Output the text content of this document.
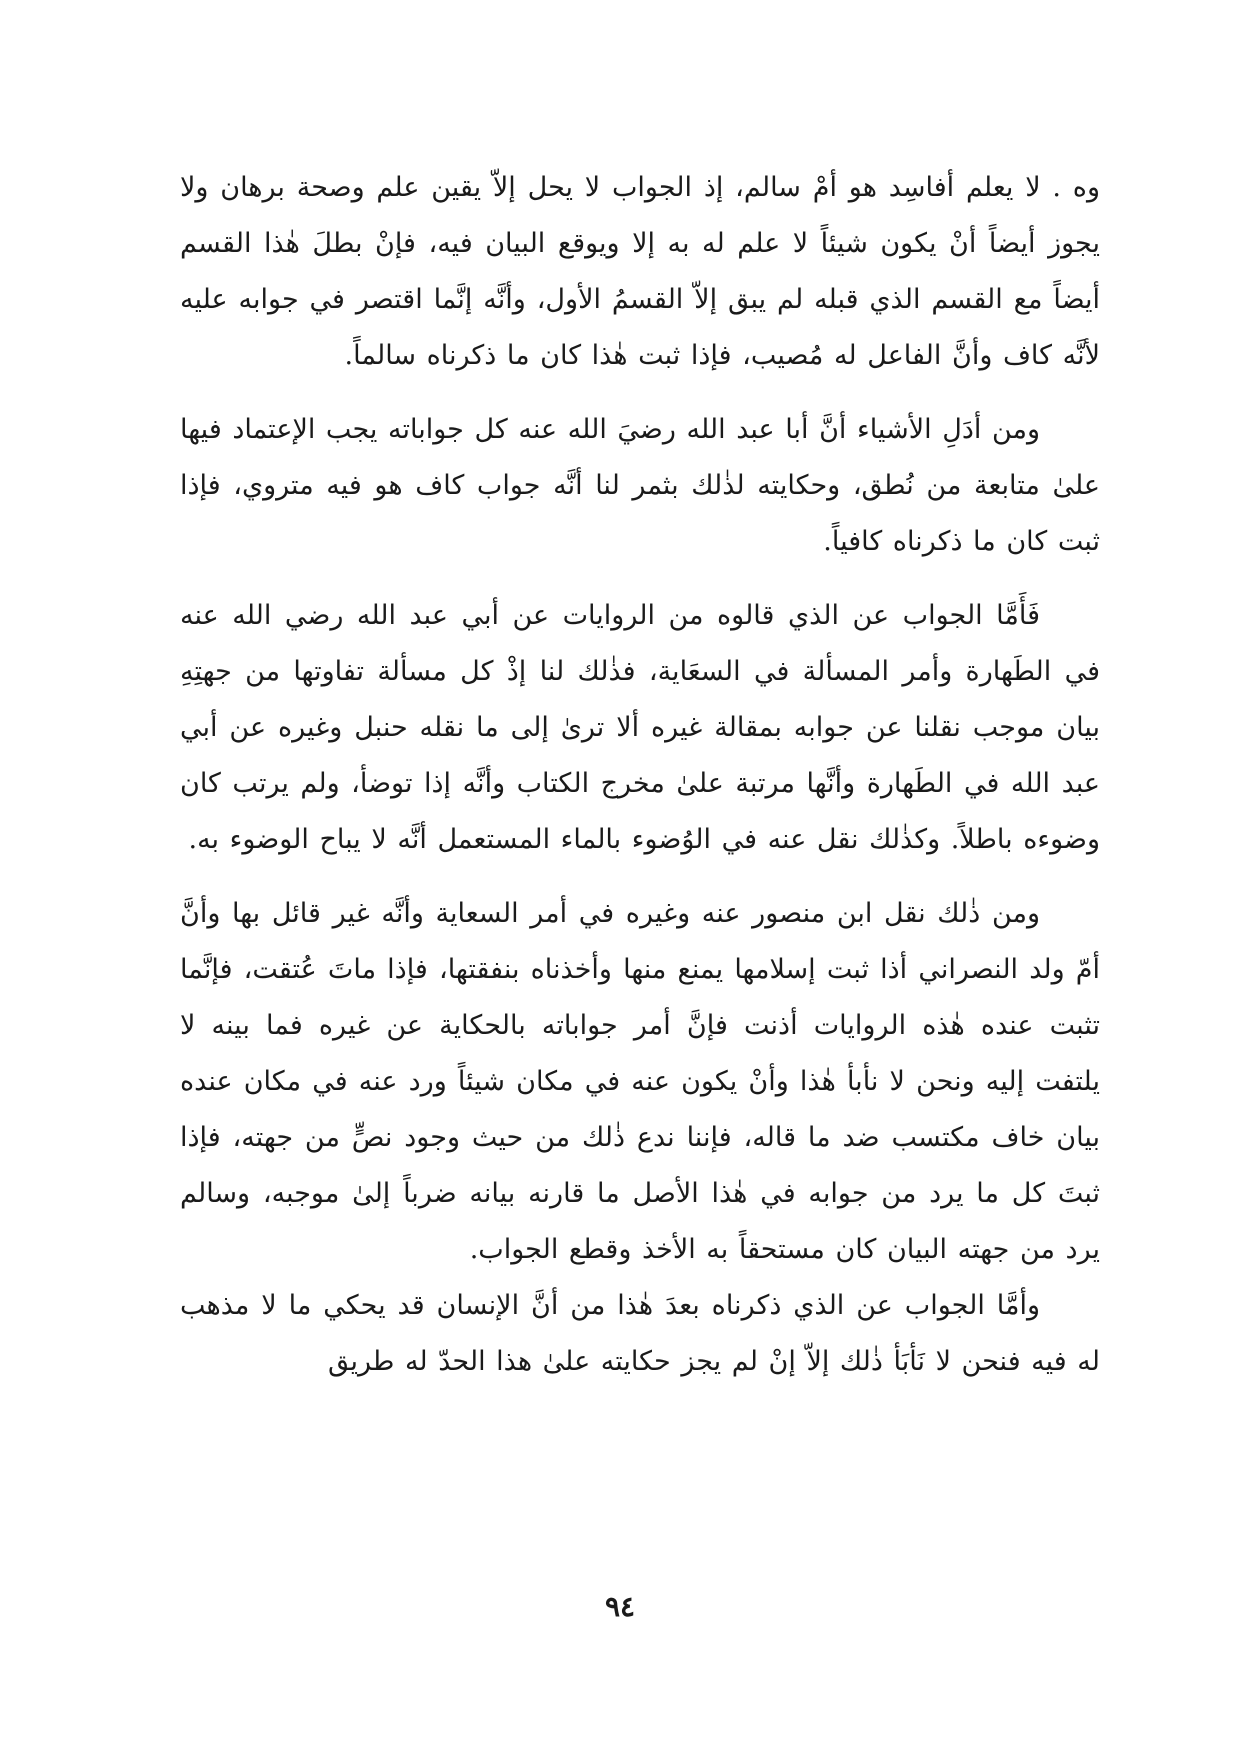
وه . لا يعلم أفاسِد هو أمْ سالم، إذ الجواب لا يحل إلاّ يقين علم وصحة برهان ولا يجوز أيضاً أنْ يكون شيئاً لا علم له به إلا ويوقع البيان فيه، فإنْ بطلَ هٰذا القسم أيضاً مع القسم الذي قبله لم يبق إلاّ القسمُ الأول، وأنَّه إنَّما اقتصر في جوابه عليه لأنَّه كاف وأنَّ الفاعل له مُصيب، فإذا ثبت هٰذا كان ما ذكرناه سالماً.

ومن أدَلِ الأشياء أنَّ أبا عبد الله رضيَ الله عنه كل جواباته يجب الإعتماد فيها علىٰ متابعة من نُطق، وحكايته لذٰلك بثمر لنا أنَّه جواب كاف هو فيه متروي، فإذا ثبت كان ما ذكرناه كافياً.

فَأَمَّا الجواب عن الذي قالوه من الروايات عن أبي عبد الله رضي الله عنه في الطَهارة وأمر المسألة في السعَاية، فذٰلك لنا إذْ كل مسألة تفاوتها من جهتِهِ بيان موجب نقلنا عن جوابه بمقالة غيره ألا ترىٰ إلى ما نقله حنبل وغيره عن أبي عبد الله في الطَهارة وأنَّها مرتبة علىٰ مخرج الكتاب وأنَّه إذا توضأ، ولم يرتب كان وضوءه باطلاً. وكذٰلك نقل عنه في الوُضوء بالماء المستعمل أنَّه لا يباح الوضوء به.

ومن ذٰلك نقل ابن منصور عنه وغيره في أمر السعاية وأنَّه غير قائل بها وأنَّ أمّ ولد النصراني أذا ثبت إسلامها يمنع منها وأخذناه بنفقتها، فإذا ماتَ عُتقت، فإنَّما تثبت عنده هٰذه الروايات أذنت فإنَّ أمر جواباته بالحكاية عن غيره فما بينه لا يلتفت إليه ونحن لا نأبأ هٰذا وأنْ يكون عنه في مكان شيئاً ورد عنه في مكان عنده بيان خاف مكتسب ضد ما قاله، فإننا ندع ذٰلك من حيث وجود نصٍّ من جهته، فإذا ثبتَ كل ما يرد من جوابه في هٰذا الأصل ما قارنه بيانه ضرباً إلىٰ موجبه، وسالم يرد من جهته البيان كان مستحقاً به الأخذ وقطع الجواب.

وأمَّا الجواب عن الذي ذكرناه بعدَ هٰذا من أنَّ الإنسان قد يحكي ما لا مذهب له فيه فنحن لا نَأبَأ ذٰلك إلاّ إنْ لم يجز حكايته علىٰ هذا الحدّ له طريق

٩٤
